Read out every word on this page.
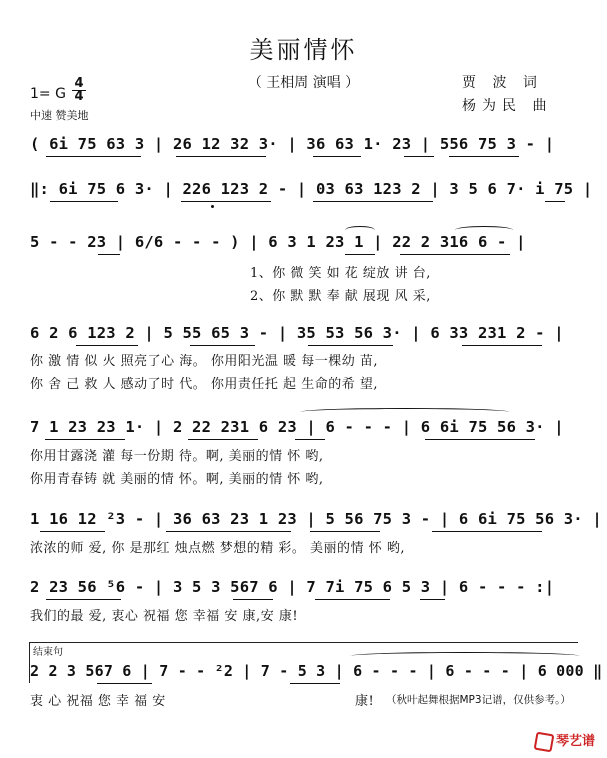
美丽情怀
（ 王相周 演唱 ）
1= G
4
4
中速 赞美地
贾 波 词
杨为民 曲
( 6i 75 63 3 | 26 12 32 3· | 36 63 1· 23 | 556 75 3 - |
‖: 6i 75 6 3· | 226 123 2 - | 03 63 123 2 | 3 5 6 7· i 75 |
5 - - 23 | 6/6 - - - ) | 6 3 1 23 1 | 22 2 316 6 - |
1、你 微 笑 如 花 绽放 讲 台,
2、你 默 默 奉 献 展现 风 采,
6 2 6 123 2 | 5 55 65 3 - | 35 53 56 3· | 6 33 231 2 - |
你 激 情 似 火 照亮了心 海。 你用阳光温 暖 每一棵幼 苗,
你 舍 己 救 人 感动了时 代。 你用责任托 起 生命的希 望,
7 1 23 23 1· | 2 22 231 6 23 | 6 - - - | 6 6i 75 56 3· |
你用甘露浇 灌 每一份期 待。啊, 美丽的情 怀 哟,
你用青春铸 就 美丽的情 怀。啊, 美丽的情 怀 哟,
1 16 12 ²3 - | 36 63 23 1 23 | 5 56 75 3 - | 6 6i 75 56 3· |
浓浓的师 爱, 你 是那红 烛点燃 梦想的精 彩。 美丽的情 怀 哟,
2 23 56 ⁵6 - | 3 5 3 567 6 | 7 7i 75 6 5 3 | 6 - - - :|
我们的最 爱, 衷心 祝福 您 幸福 安 康,安 康!
结束句
2 2 3 567 6 | 7 - - ²2 | 7 - 5 3 | 6 - - - | 6 - - - | 6 000 ‖
衷 心 祝福 您 幸 福 安	康! （秋叶起舞根据MP3记谱，仅供参考。）
琴艺谱
